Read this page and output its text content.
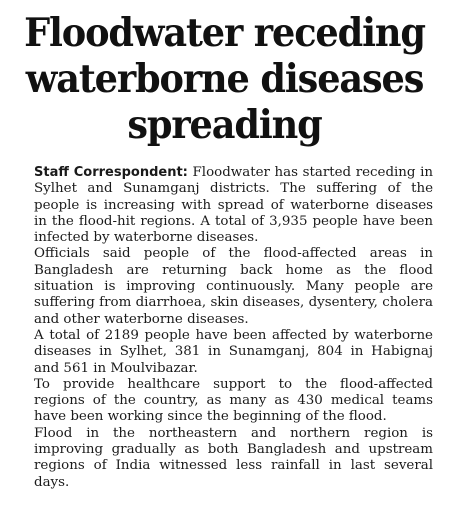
Floodwater receding
waterborne diseases
spreading

Staff Correspondent: Floodwater has started receding in Sylhet and Sunamganj districts. The suffering of the people is increasing with spread of waterborne diseases in the flood-hit regions. A total of 3,935 people have been infected by waterborne diseases.

Officials said people of the flood-affected areas in Bangladesh are returning back home as the flood situation is improving continuously. Many people are suffering from diarrhoea, skin diseases, dysentery, cholera and other waterborne diseases.

A total of 2189 people have been affected by waterborne diseases in Sylhet, 381 in Sunamganj, 804 in Habignaj and 561 in Moulvibazar.

To provide healthcare support to the flood-affected regions of the country, as many as 430 medical teams have been working since the beginning of the flood.

Flood in the northeastern and northern region is improving gradually as both Bangladesh and upstream regions of India witnessed less rainfall in last several days.
